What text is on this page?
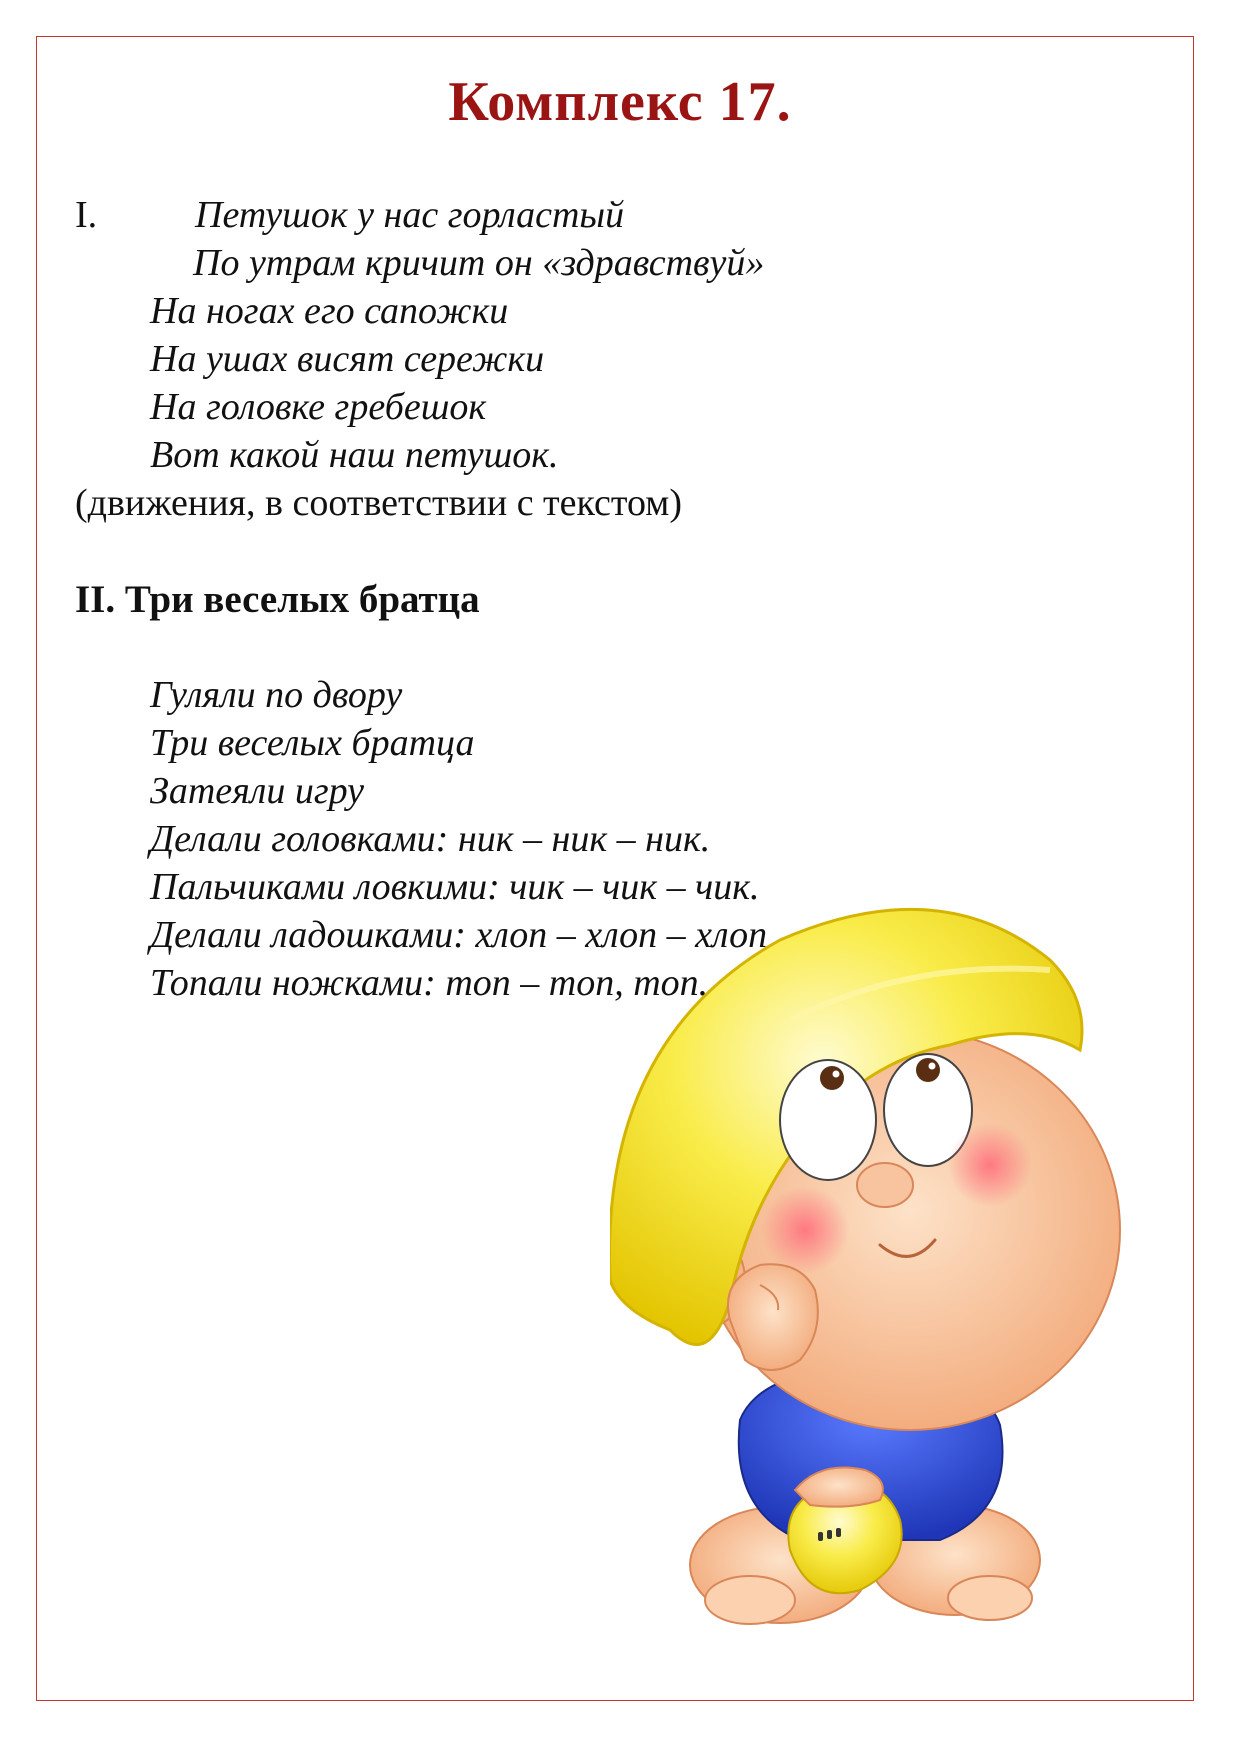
Комплекс 17.
I.	Петушок у нас горластый
По утрам кричит он «здравствуй»
На ногах его сапожки
На ушах висят сережки
На головке гребешок
Вот какой наш петушок.
(движения, в соответствии с текстом)
II. Три веселых братца
Гуляли по двору
Три веселых братца
Затеяли игру
Делали головками: ник – ник – ник.
Пальчиками ловкими: чик – чик – чик.
Делали ладошками: хлоп – хлоп – хлоп
Топали ножками: топ – топ, топ.
